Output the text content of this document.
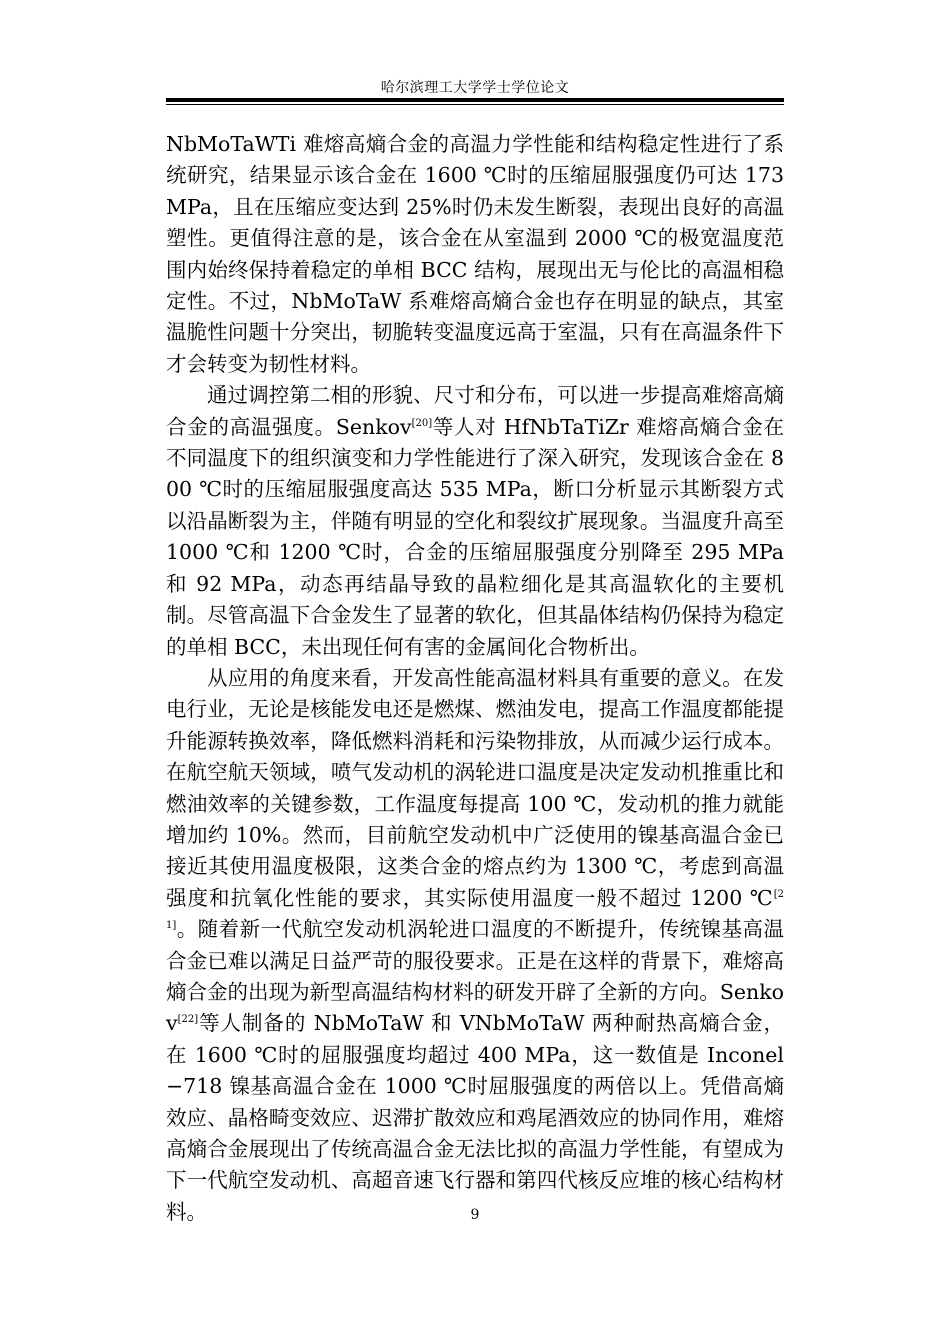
哈尔滨理工大学学士学位论文

NbMoTaWTi 难熔高熵合金的高温力学性能和结构稳定性进行了系统研究，结果显示该合金在 1600 ℃时的压缩屈服强度仍可达 173 MPa，且在压缩应变达到 25%时仍未发生断裂，表现出良好的高温塑性。更值得注意的是，该合金在从室温到 2000 ℃的极宽温度范围内始终保持着稳定的单相 BCC 结构，展现出无与伦比的高温相稳定性。不过，NbMoTaW 系难熔高熵合金也存在明显的缺点，其室温脆性问题十分突出，韧脆转变温度远高于室温，只有在高温条件下才会转变为韧性材料。

通过调控第二相的形貌、尺寸和分布，可以进一步提高难熔高熵合金的高温强度。Senkov[20]等人对 HfNbTaTiZr 难熔高熵合金在不同温度下的组织演变和力学性能进行了深入研究，发现该合金在 800 ℃时的压缩屈服强度高达 535 MPa，断口分析显示其断裂方式以沿晶断裂为主，伴随有明显的空化和裂纹扩展现象。当温度升高至 1000 ℃和 1200 ℃时，合金的压缩屈服强度分别降至 295 MPa 和 92 MPa，动态再结晶导致的晶粒细化是其高温软化的主要机制。尽管高温下合金发生了显著的软化，但其晶体结构仍保持为稳定的单相 BCC，未出现任何有害的金属间化合物析出。

从应用的角度来看，开发高性能高温材料具有重要的意义。在发电行业，无论是核能发电还是燃煤、燃油发电，提高工作温度都能提升能源转换效率，降低燃料消耗和污染物排放，从而减少运行成本。在航空航天领域，喷气发动机的涡轮进口温度是决定发动机推重比和燃油效率的关键参数，工作温度每提高 100 ℃，发动机的推力就能增加约 10%。然而，目前航空发动机中广泛使用的镍基高温合金已接近其使用温度极限，这类合金的熔点约为 1300 ℃，考虑到高温强度和抗氧化性能的要求，其实际使用温度一般不超过 1200 ℃[21]。随着新一代航空发动机涡轮进口温度的不断提升，传统镍基高温合金已难以满足日益严苛的服役要求。正是在这样的背景下，难熔高熵合金的出现为新型高温结构材料的研发开辟了全新的方向。Senkov[22]等人制备的 NbMoTaW 和 VNbMoTaW 两种耐热高熵合金，在 1600 ℃时的屈服强度均超过 400 MPa，这一数值是 Inconel−718 镍基高温合金在 1000 ℃时屈服强度的两倍以上。凭借高熵效应、晶格畸变效应、迟滞扩散效应和鸡尾酒效应的协同作用，难熔高熵合金展现出了传统高温合金无法比拟的高温力学性能，有望成为下一代航空发动机、高超音速飞行器和第四代核反应堆的核心结构材料。	9
